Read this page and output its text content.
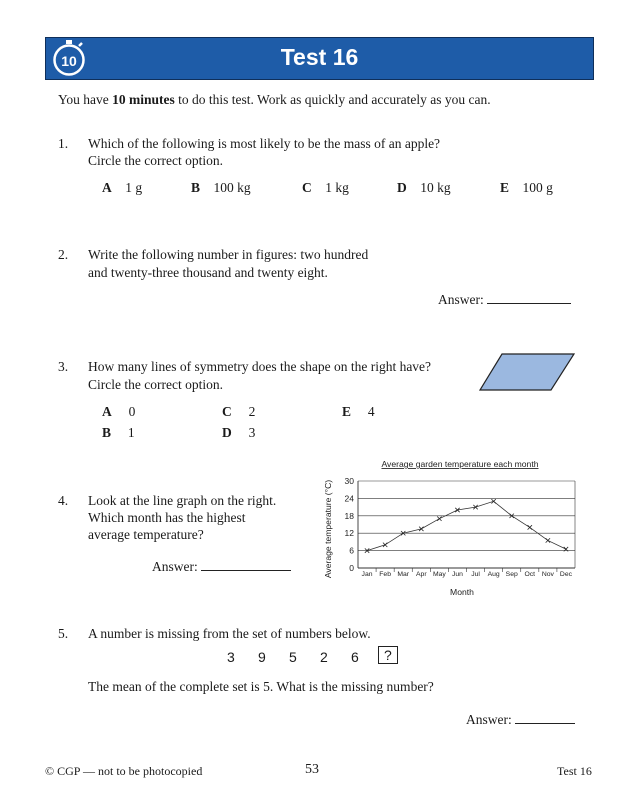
10	Test 16
You have 10 minutes to do this test. Work as quickly and accurately as you can.
1. Which of the following is most likely to be the mass of an apple?
Circle the correct option.
A 1 g	B 100 kg	C 1 kg	D 10 kg	E 100 g
2. Write the following number in figures: two hundred
and twenty-three thousand and twenty eight.
Answer:
3. How many lines of symmetry does the shape on the right have?
Circle the correct option.
A 0
B 1
C 2
D 3
E 4
4. Look at the line graph on the right.
Which month has the highest
average temperature?
Answer:
Average garden temperature each month
Average temperature (°C)
Month
0
6
12
18
24
30
Jan Feb Mar Apr May Jun Jul Aug Sep Oct Nov Dec
5. A number is missing from the set of numbers below.
3 9 5 2 6	?
The mean of the complete set is 5. What is the missing number?
Answer:
© CGP — not to be photocopied	53	Test 16
